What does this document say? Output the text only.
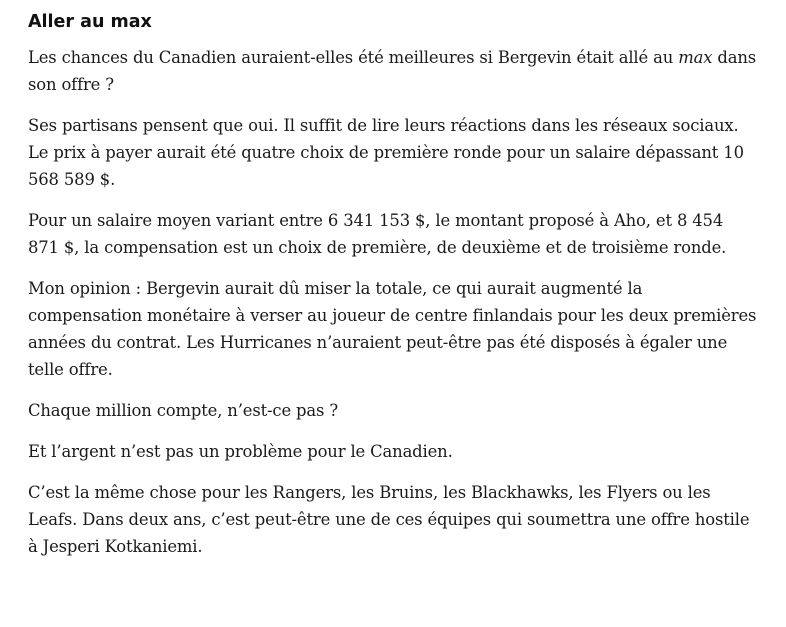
Aller au max

Les chances du Canadien auraient-elles été meilleures si Bergevin était allé au max dans son offre ?

Ses partisans pensent que oui. Il suffit de lire leurs réactions dans les réseaux sociaux. Le prix à payer aurait été quatre choix de première ronde pour un salaire dépassant 10 568 589 $.

Pour un salaire moyen variant entre 6 341 153 $, le montant proposé à Aho, et 8 454 871 $, la compensation est un choix de première, de deuxième et de troisième ronde.

Mon opinion : Bergevin aurait dû miser la totale, ce qui aurait augmenté la compensation monétaire à verser au joueur de centre finlandais pour les deux premières années du contrat. Les Hurricanes n’auraient peut-être pas été disposés à égaler une telle offre.

Chaque million compte, n’est-ce pas ?

Et l’argent n’est pas un problème pour le Canadien.

C’est la même chose pour les Rangers, les Bruins, les Blackhawks, les Flyers ou les Leafs. Dans deux ans, c’est peut-être une de ces équipes qui soumettra une offre hostile à Jesperi Kotkaniemi.
